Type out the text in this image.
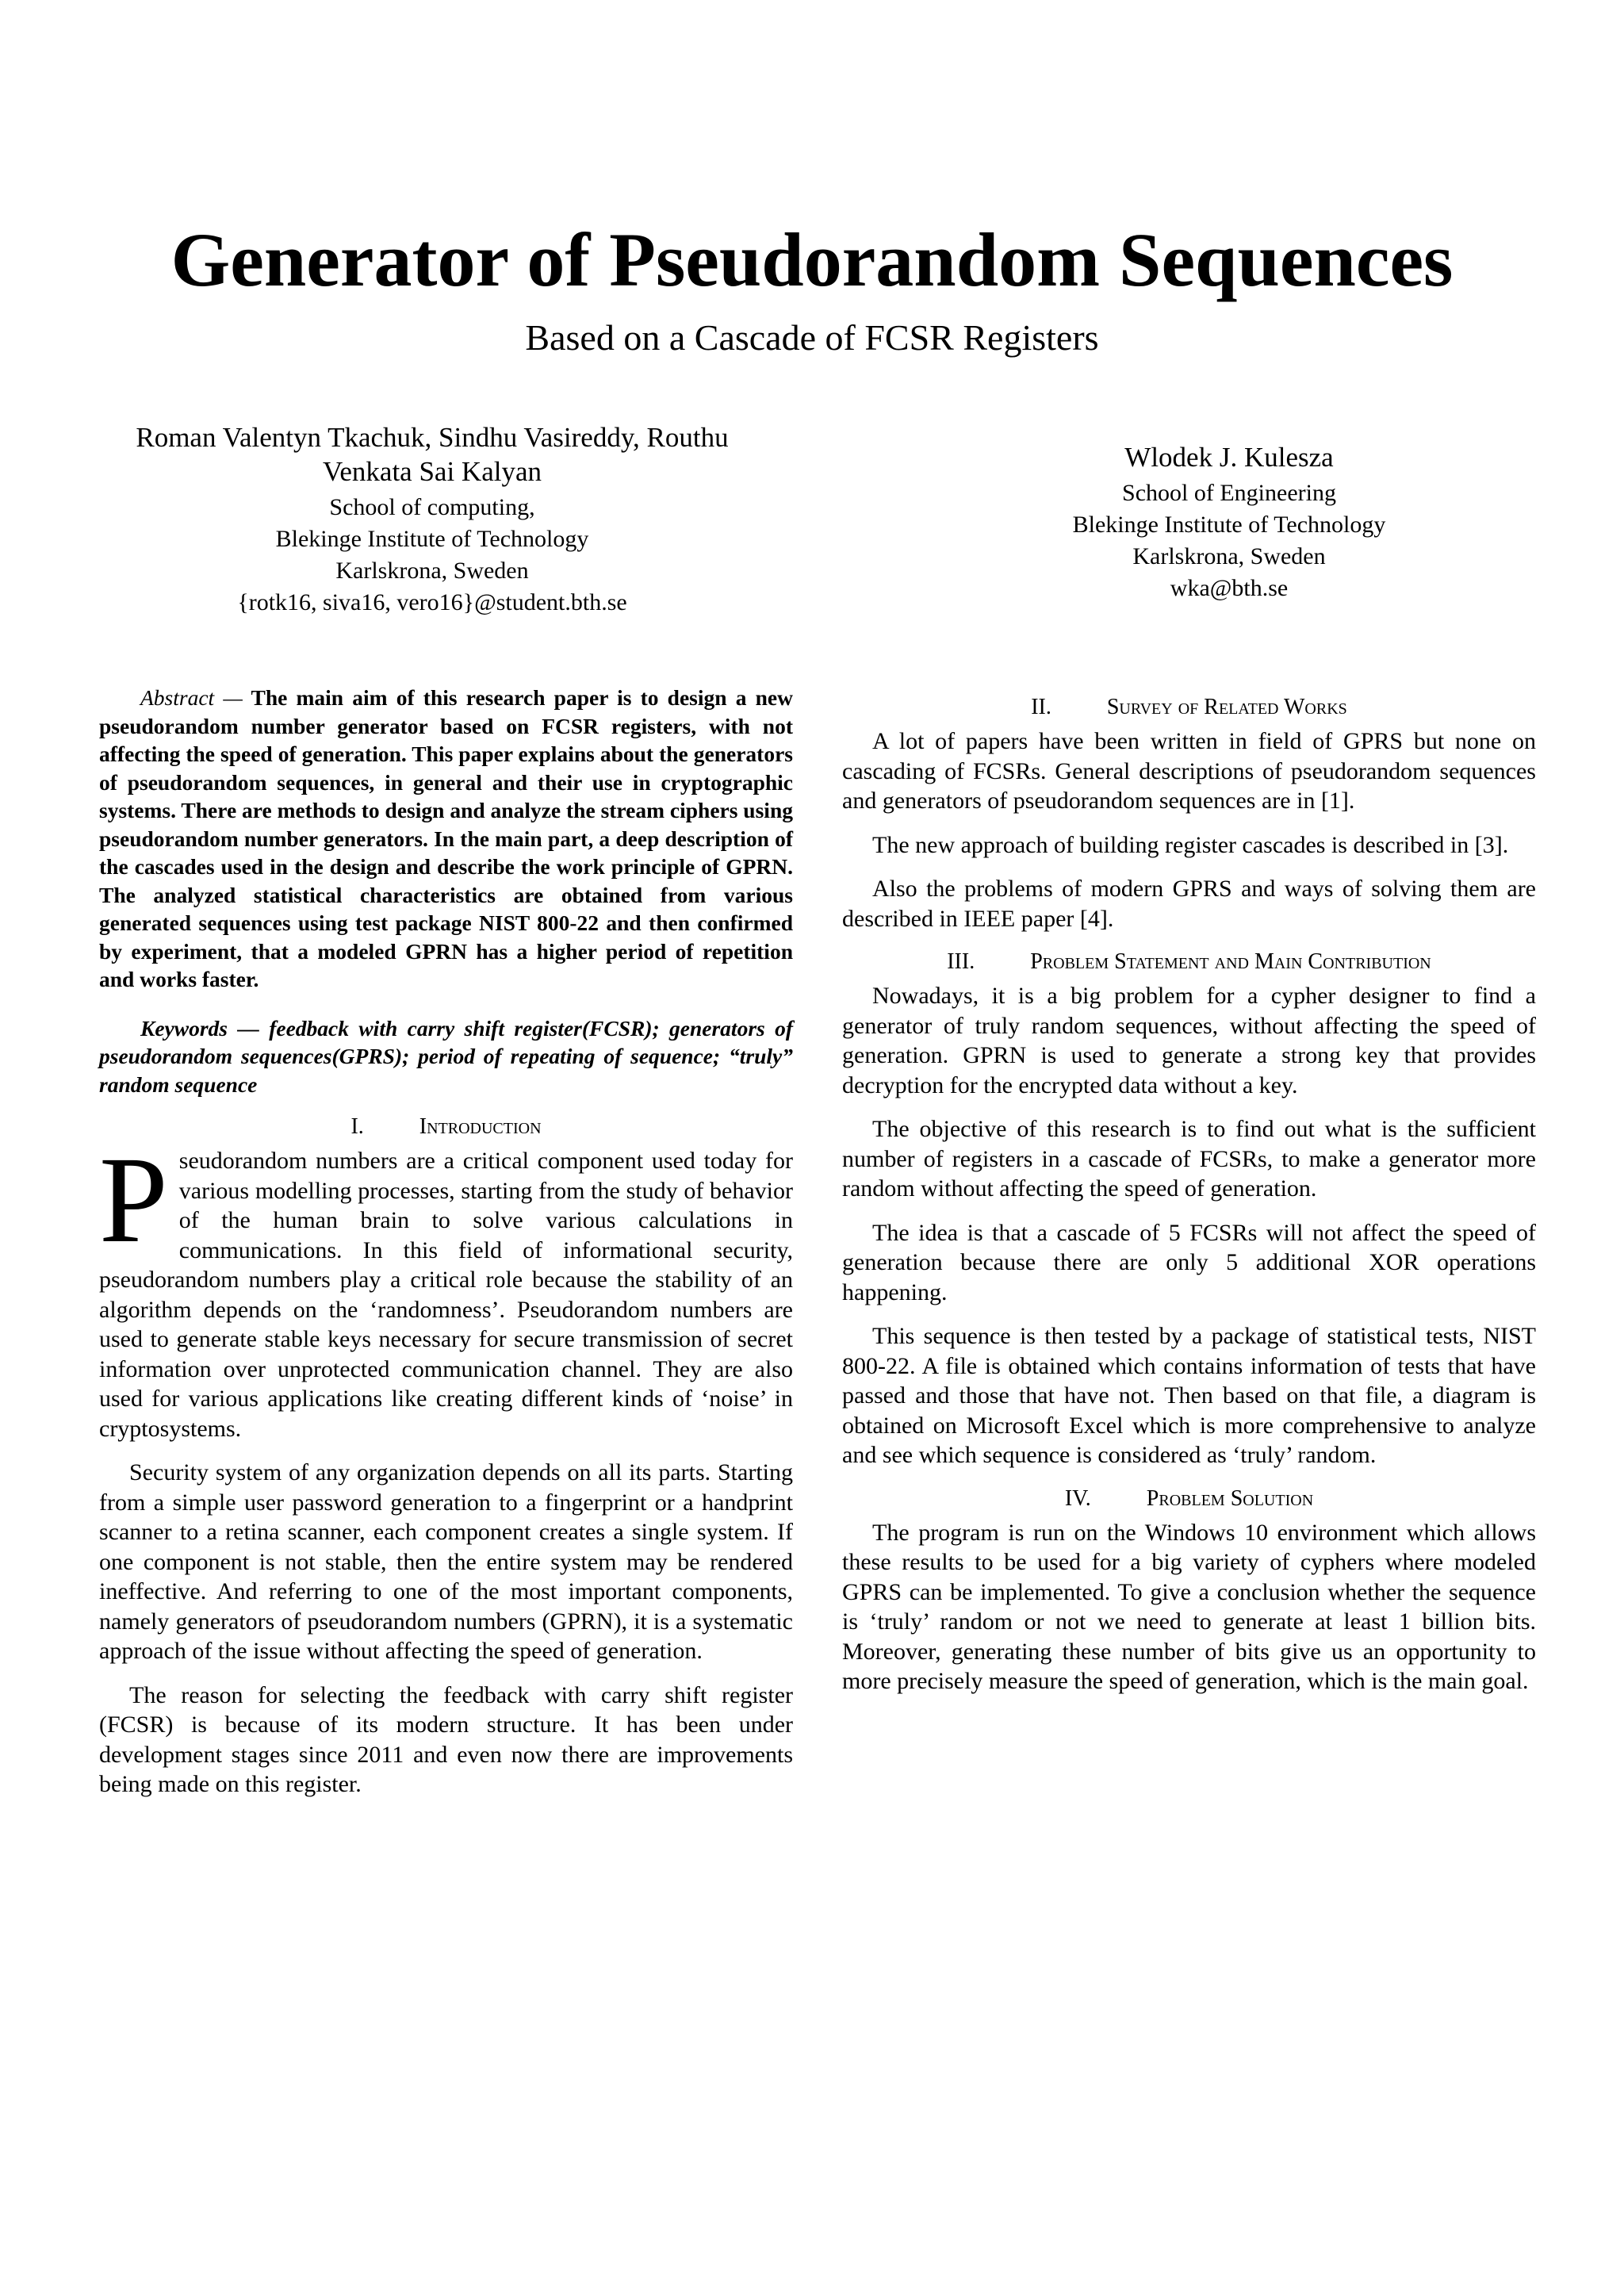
Generator of Pseudorandom Sequences
Based on a Cascade of FCSR Registers
Roman Valentyn Tkachuk, Sindhu Vasireddy, Routhu Venkata Sai Kalyan
School of computing,
Blekinge Institute of Technology
Karlskrona, Sweden
{rotk16, siva16, vero16}@student.bth.se
Wlodek J. Kulesza
School of Engineering
Blekinge Institute of Technology
Karlskrona, Sweden
wka@bth.se

Abstract — The main aim of this research paper is to design a new pseudorandom number generator based on FCSR registers, with not affecting the speed of generation. This paper explains about the generators of pseudorandom sequences, in general and their use in cryptographic systems. There are methods to design and analyze the stream ciphers using pseudorandom number generators. In the main part, a deep description of the cascades used in the design and describe the work principle of GPRN. The analyzed statistical characteristics are obtained from various generated sequences using test package NIST 800-22 and then confirmed by experiment, that a modeled GPRN has a higher period of repetition and works faster.

Keywords — feedback with carry shift register(FCSR); generators of pseudorandom sequences(GPRS); period of repeating of sequence; “truly” random sequence

I.	Introduction

Pseudorandom numbers are a critical component used today for various modelling processes, starting from the study of behavior of the human brain to solve various calculations in communications. In this field of informational security, pseudorandom numbers play a critical role because the stability of an algorithm depends on the ‘randomness’. Pseudorandom numbers are used to generate stable keys necessary for secure transmission of secret information over unprotected communication channel. They are also used for various applications like creating different kinds of ‘noise’ in cryptosystems.

Security system of any organization depends on all its parts. Starting from a simple user password generation to a fingerprint or a handprint scanner to a retina scanner, each component creates a single system. If one component is not stable, then the entire system may be rendered ineffective. And referring to one of the most important components, namely generators of pseudorandom numbers (GPRN), it is a systematic approach of the issue without affecting the speed of generation.

The reason for selecting the feedback with carry shift register (FCSR) is because of its modern structure. It has been under development stages since 2011 and even now there are improvements being made on this register.

II.	Survey of Related Works

A lot of papers have been written in field of GPRS but none on cascading of FCSRs. General descriptions of pseudorandom sequences and generators of pseudorandom sequences are in [1].

The new approach of building register cascades is described in [3].

Also the problems of modern GPRS and ways of solving them are described in IEEE paper [4].

III.	Problem Statement and Main Contribution

Nowadays, it is a big problem for a cypher designer to find a generator of truly random sequences, without affecting the speed of generation. GPRN is used to generate a strong key that provides decryption for the encrypted data without a key.

The objective of this research is to find out what is the sufficient number of registers in a cascade of FCSRs, to make a generator more random without affecting the speed of generation.

The idea is that a cascade of 5 FCSRs will not affect the speed of generation because there are only 5 additional XOR operations happening.

This sequence is then tested by a package of statistical tests, NIST 800-22. A file is obtained which contains information of tests that have passed and those that have not. Then based on that file, a diagram is obtained on Microsoft Excel which is more comprehensive to analyze and see which sequence is considered as ‘truly’ random.

IV.	Problem Solution

The program is run on the Windows 10 environment which allows these results to be used for a big variety of cyphers where modeled GPRS can be implemented. To give a conclusion whether the sequence is ‘truly’ random or not we need to generate at least 1 billion bits. Moreover, generating these number of bits give us an opportunity to more precisely measure the speed of generation, which is the main goal.
